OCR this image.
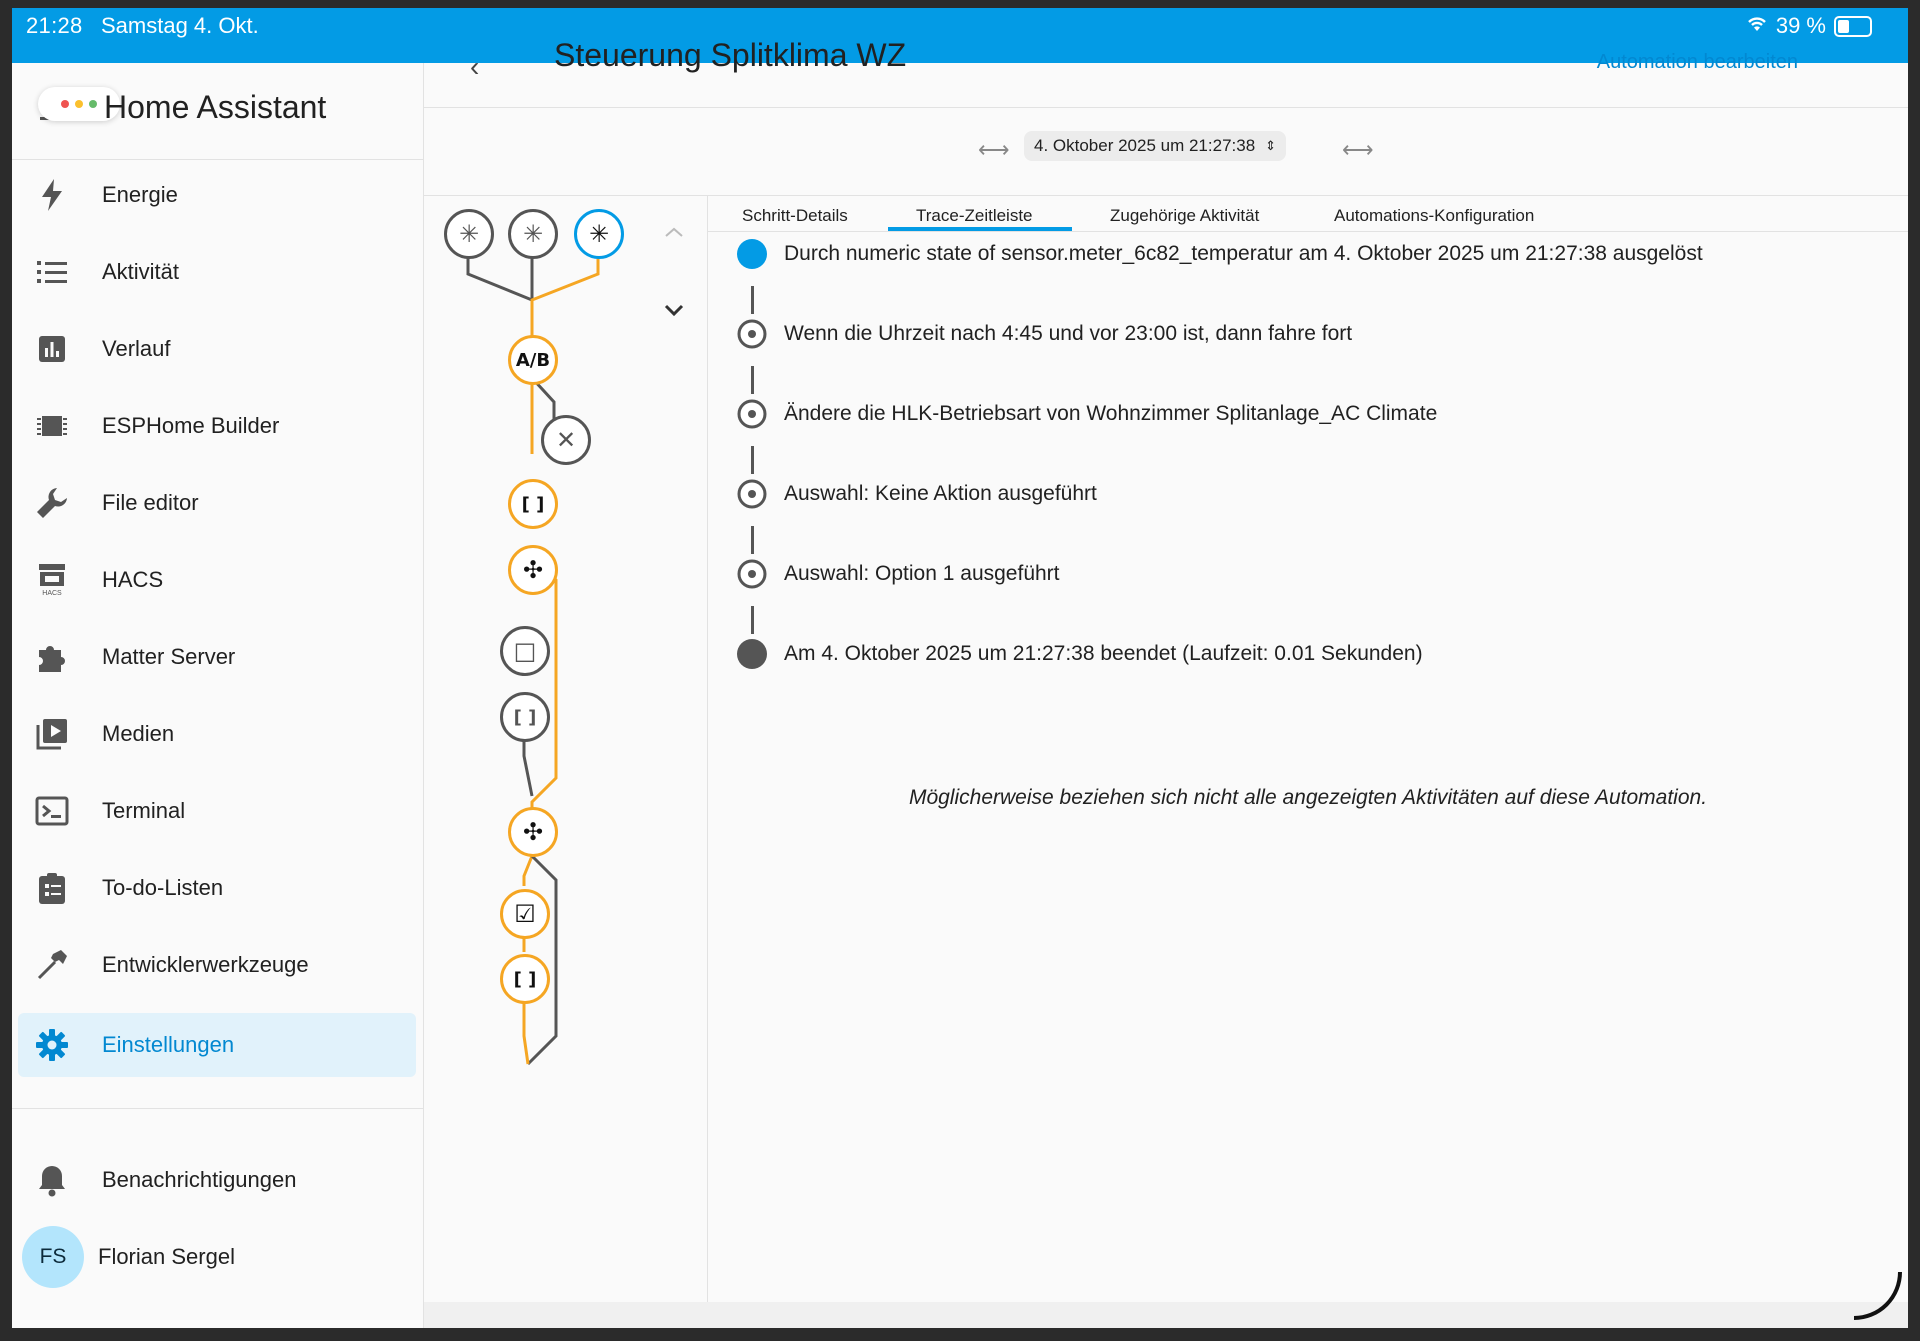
21:28 Samstag 4. Okt.	39 %
Home Assistant
Energie
Aktivität
Verlauf
ESPHome Builder
File editor
HACS
HACS
Matter Server
Medien
Terminal
To-do-Listen
Entwicklerwerkzeuge
Einstellungen
Benachrichtigungen
FS	Florian Sergel
‹ Steuerung Splitklima WZ	Automation bearbeiten
⟷ 4. Oktober 2025 um 21:27:38 ⇕	⟷
✳ ✳ ✳
A/B
✕
[ ]
✣
□
[ ]
✣
☑
[ ]
Schritt-Details	Trace-Zeitleiste	Zugehörige Aktivität	Automations-Konfiguration
Durch numeric state of sensor.meter_6c82_temperatur am 4. Oktober 2025 um 21:27:38 ausgelöst
Wenn die Uhrzeit nach 4:45 und vor 23:00 ist, dann fahre fort
Ändere die HLK-Betriebsart von Wohnzimmer Splitanlage_AC Climate
Auswahl: Keine Aktion ausgeführt
Auswahl: Option 1 ausgeführt
Am 4. Oktober 2025 um 21:27:38 beendet (Laufzeit: 0.01 Sekunden)
Möglicherweise beziehen sich nicht alle angezeigten Aktivitäten auf diese Automation.
